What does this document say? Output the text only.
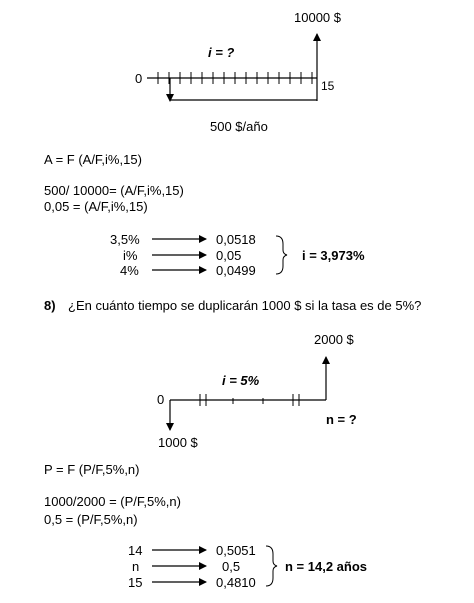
10000 $
i = ?
0	15
500 $/año
A = F (A/F,i%,15)
500/ 10000= (A/F,i%,15)
0,05 = (A/F,i%,15)
3,5%	0,0518
i%	0,05
4%	0,0499
i = 3,973%
8) ¿En cuánto tiempo se duplicarán 1000 $ si la tasa es de 5%?
2000 $
i = 5%
0
1000 $
n = ?
P = F (P/F,5%,n)
1000/2000 = (P/F,5%,n)
0,5 = (P/F,5%,n)
14	0,5051
n	0,5
15	0,4810
n = 14,2 años
